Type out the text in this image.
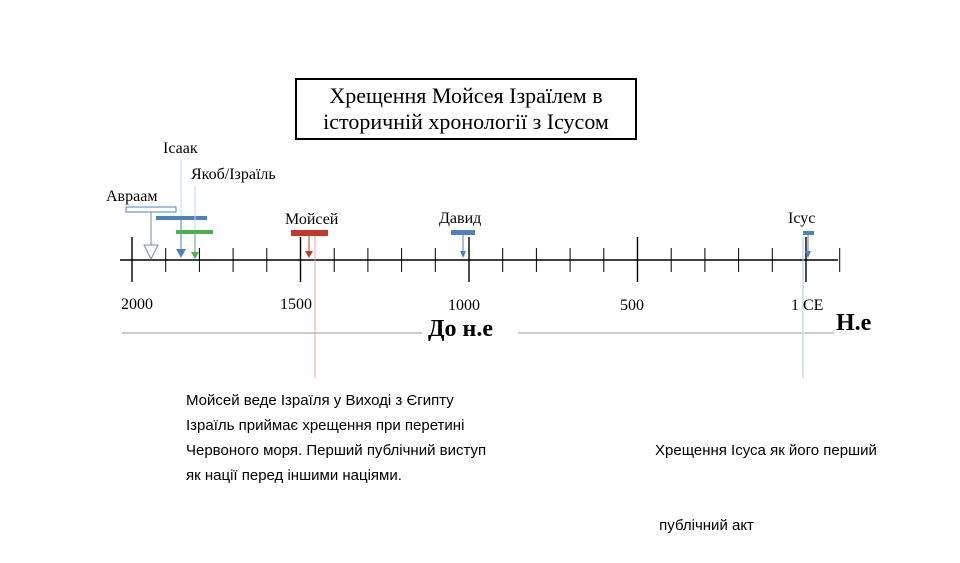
Хрещення Мойсея Ізраїлем в
історичній хронології з Ісусом
Авраам
Ісаак
Якоб/Ізраїль
Мойсей	Давид	Ісус
2000	1500	1000	500	1 CE
До н.е	Н.е
Мойсей веде Ізраїля у Виході з Єгипту
Ізраїль приймає хрещення при перетині
Червоного моря. Перший публічний виступ
як нації перед іншими націями.

Хрещення Ісуса як його перший

публічний акт
